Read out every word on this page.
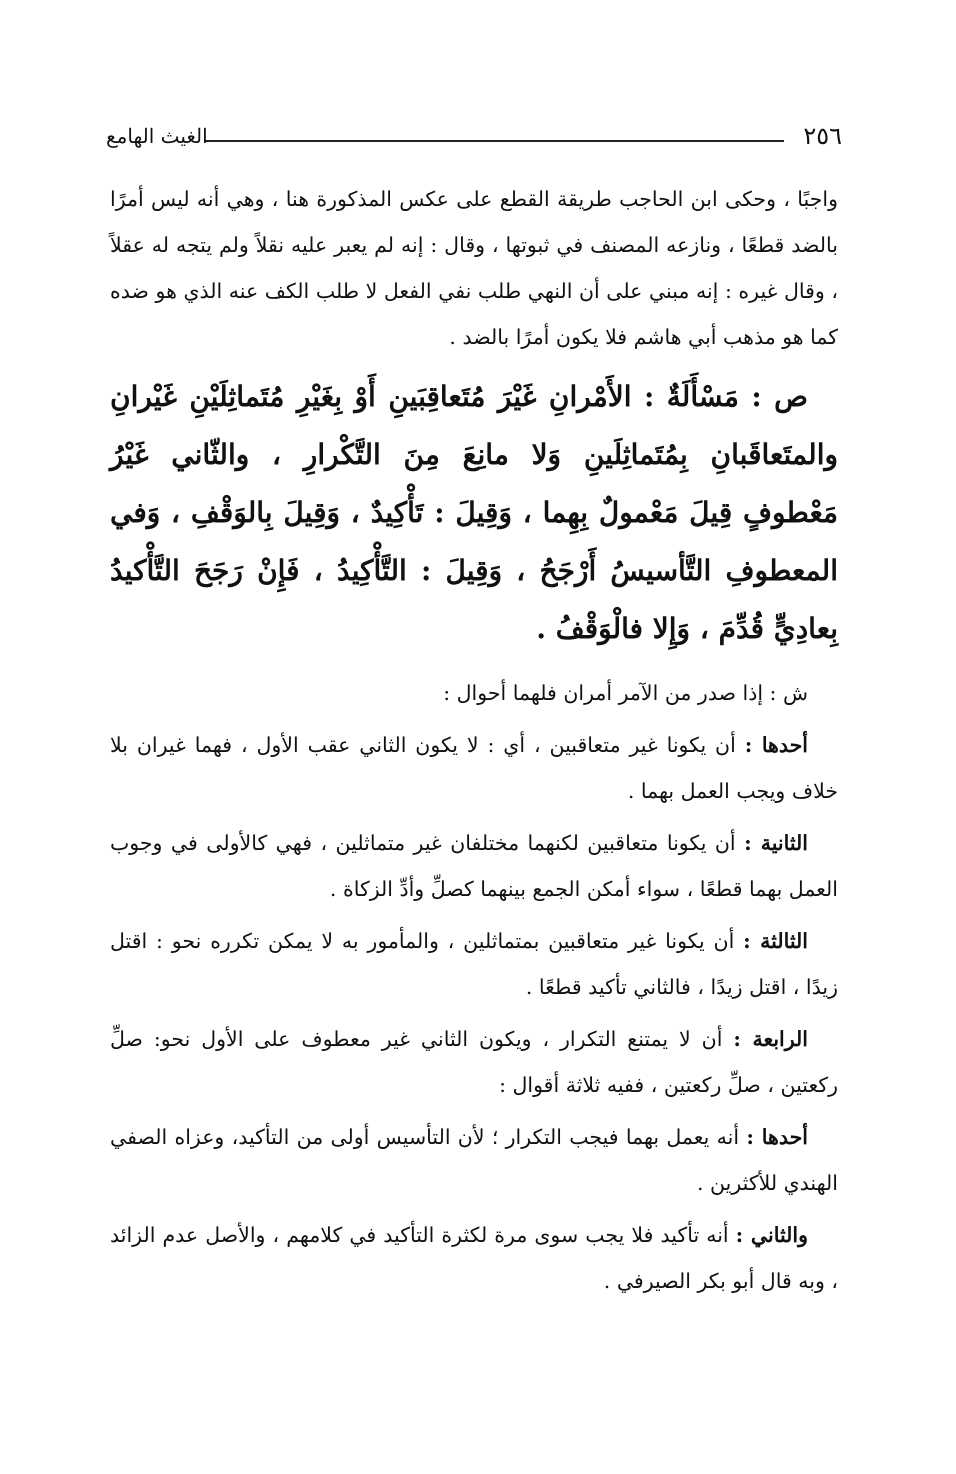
٢٥٦
الغيث الهامع

واجبًا ، وحكى ابن الحاجب طريقة القطع على عكس المذكورة هنا ، وهي أنه ليس أمرًا بالضد قطعًا ، ونازعه المصنف في ثبوتها ، وقال : إنه لم يعبر عليه نقلاً ولم يتجه له عقلاً ، وقال غيره : إنه مبني على أن النهي طلب نفي الفعل لا طلب الكف عنه الذي هو ضده كما هو مذهب أبي هاشم فلا يكون أمرًا بالضد .

ص : مَسْأَلَةٌ : الأَمْرانِ غَيْرَ مُتَعاقِبَينِ أَوْ بِغَيْرِ مُتَماثِلَيْنِ غَيْرانِ والمتَعاقَبانِ بِمُتَماثِلَينِ وَلا مانِعَ مِنَ التَّكْرارِ ، والثّاني غَيْرُ مَعْطوفٍ قِيلَ مَعْمولٌ بِهِما ، وَقِيلَ : تَأْكِيدٌ ، وَقِيلَ بِالوَقْفِ ، وَفي المعطوفِ التَّأسيسُ أَرْجَحُ ، وَقِيلَ : التَّأْكِيدُ ، فَإِنْ رَجَحَ التَّأْكيدُ بِعادِيٍّ قُدِّمَ ، وَإِلا فالْوَقْفُ .

ش : إذا صدر من الآمر أمران فلهما أحوال :

أحدها : أن يكونا غير متعاقبين ، أي : لا يكون الثاني عقب الأول ، فهما غيران بلا خلاف ويجب العمل بهما .

الثانية : أن يكونا متعاقبين لكنهما مختلفان غير متماثلين ، فهي كالأولى في وجوب العمل بهما قطعًا ، سواء أمكن الجمع بينهما كصلِّ وأدِّ الزكاة .

الثالثة : أن يكونا غير متعاقبين بمتماثلين ، والمأمور به لا يمكن تكرره نحو : اقتل زيدًا ، اقتل زيدًا ، فالثاني تأكيد قطعًا .

الرابعة : أن لا يمتنع التكرار ، ويكون الثاني غير معطوف على الأول نحو: صلِّ ركعتين ، صلِّ ركعتين ، ففيه ثلاثة أقوال :

أحدها : أنه يعمل بهما فيجب التكرار ؛ لأن التأسيس أولى من التأكيد، وعزاه الصفي الهندي للأكثرين .

والثاني : أنه تأكيد فلا يجب سوى مرة لكثرة التأكيد في كلامهم ، والأصل عدم الزائد ، وبه قال أبو بكر الصيرفي .
